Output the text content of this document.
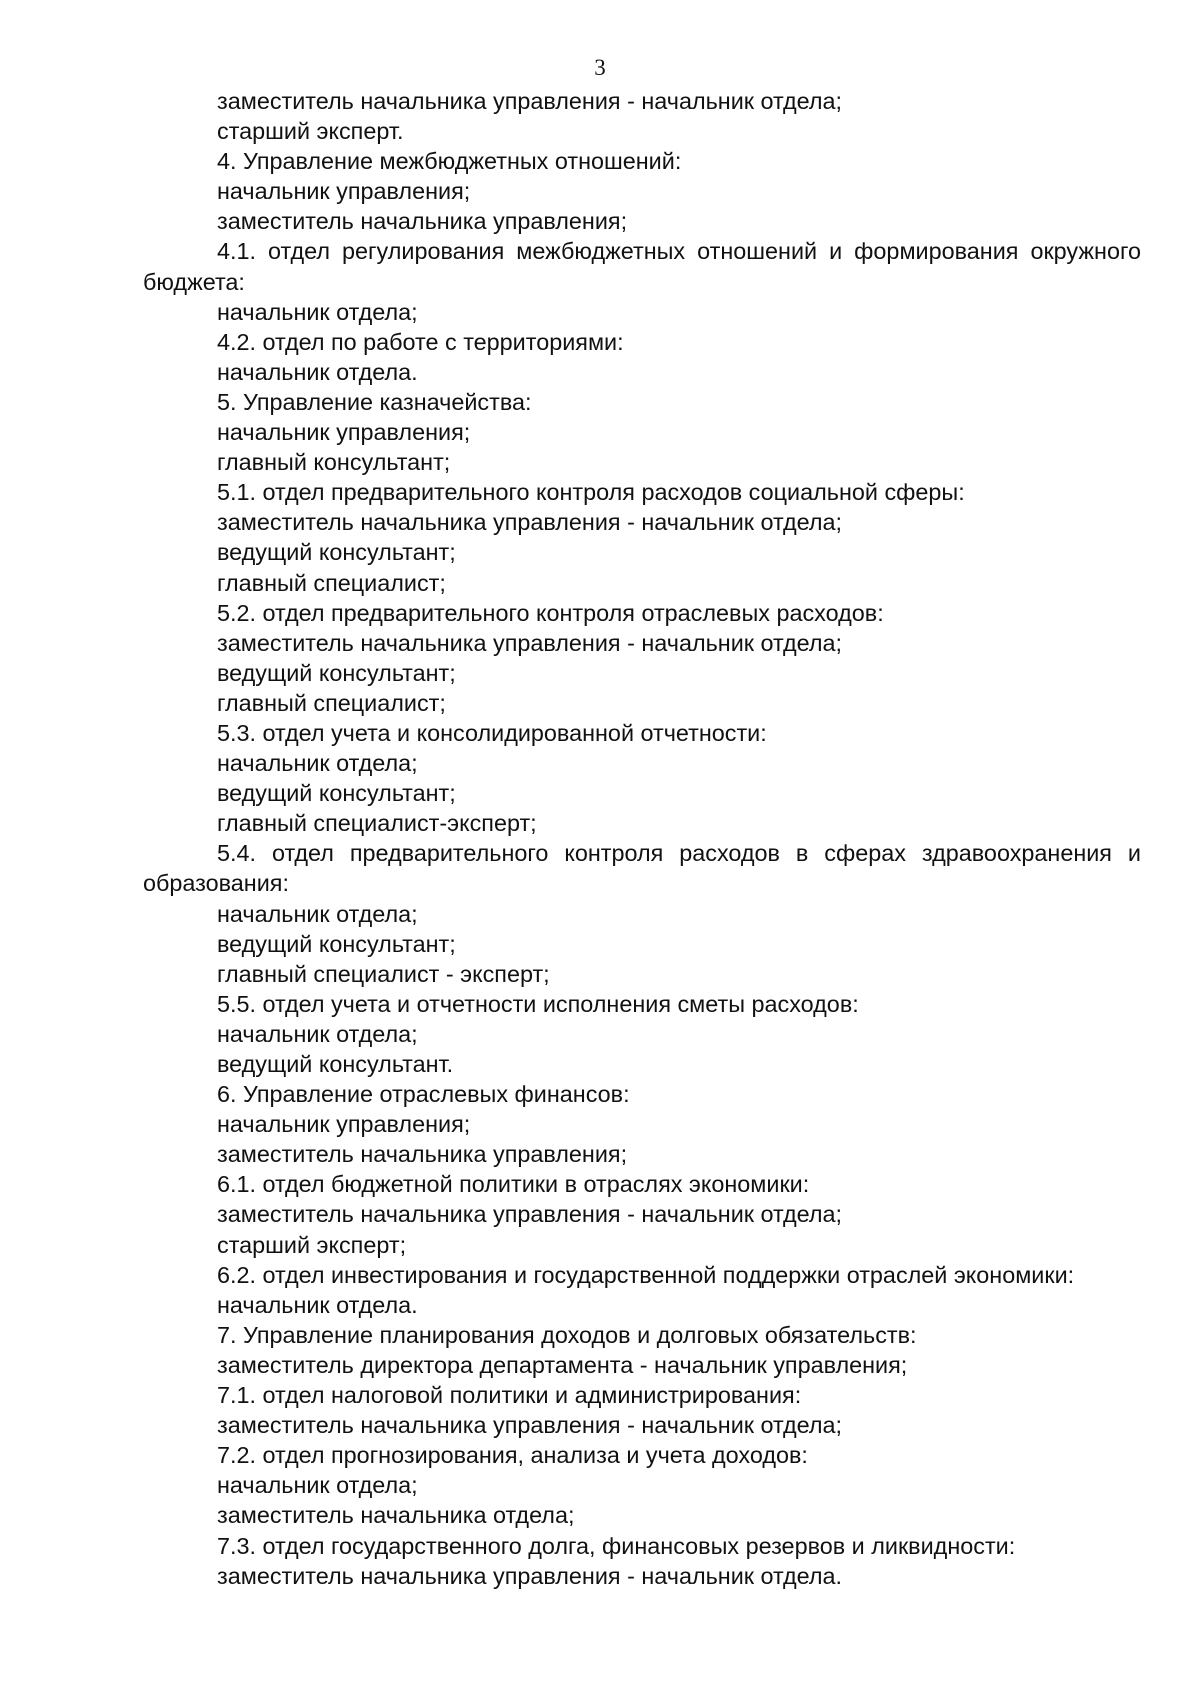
3
заместитель начальника управления - начальник отдела;
старший эксперт.
4. Управление межбюджетных отношений:
начальник управления;
заместитель начальника управления;
4.1. отдел регулирования межбюджетных отношений и формирования окружного бюджета:
начальник отдела;
4.2. отдел по работе с территориями:
начальник отдела.
5. Управление казначейства:
начальник управления;
главный консультант;
5.1. отдел предварительного контроля расходов социальной сферы:
заместитель начальника управления - начальник отдела;
ведущий консультант;
главный специалист;
5.2. отдел предварительного контроля отраслевых расходов:
заместитель начальника управления - начальник отдела;
ведущий консультант;
главный специалист;
5.3. отдел учета и консолидированной отчетности:
начальник отдела;
ведущий консультант;
главный специалист-эксперт;
5.4. отдел предварительного контроля расходов в сферах здравоохранения и образования:
начальник отдела;
ведущий консультант;
главный специалист - эксперт;
5.5. отдел учета и отчетности исполнения сметы расходов:
начальник отдела;
ведущий консультант.
6. Управление отраслевых финансов:
начальник управления;
заместитель начальника управления;
6.1. отдел бюджетной политики в отраслях экономики:
заместитель начальника управления - начальник отдела;
старший эксперт;
6.2. отдел инвестирования и государственной поддержки отраслей экономики:
начальник отдела.
7. Управление планирования доходов и долговых обязательств:
заместитель директора департамента - начальник управления;
7.1. отдел налоговой политики и администрирования:
заместитель начальника управления - начальник отдела;
7.2. отдел прогнозирования, анализа и учета доходов:
начальник отдела;
заместитель начальника отдела;
7.3. отдел государственного долга, финансовых резервов и ликвидности:
заместитель начальника управления - начальник отдела.
